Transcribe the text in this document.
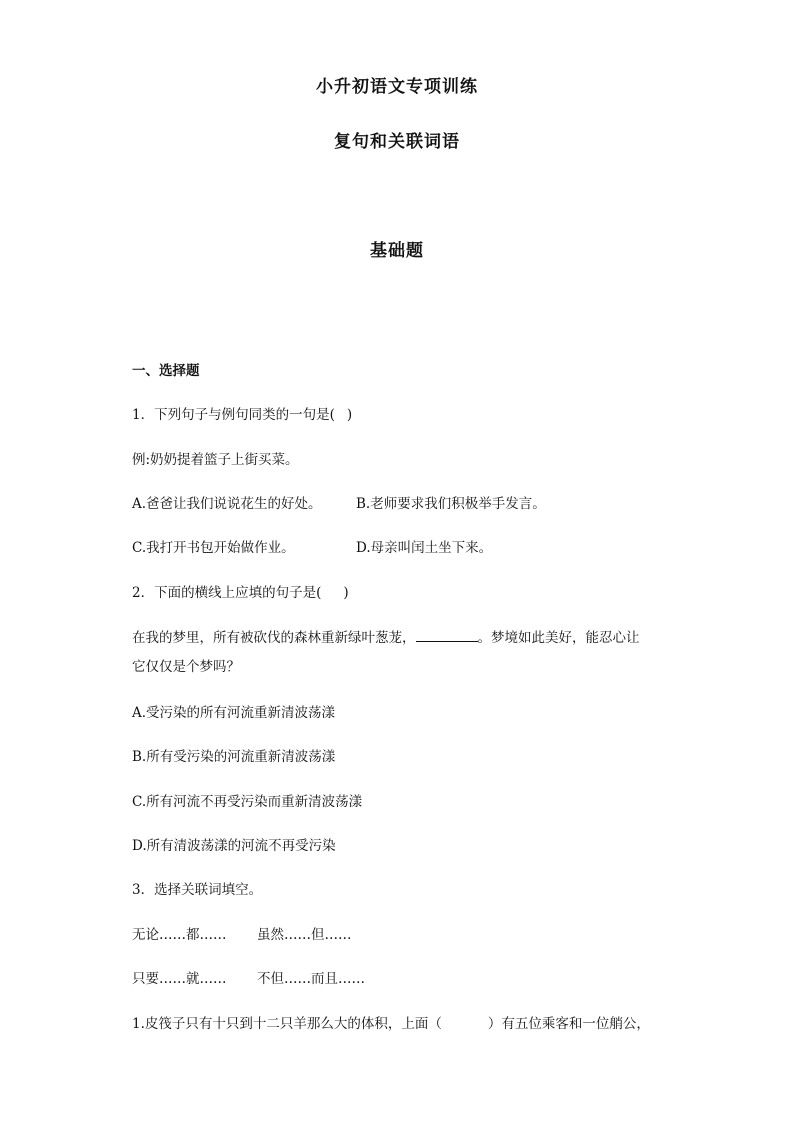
小升初语文专项训练
复句和关联词语
基础题
一、选择题
1．下列句子与例句同类的一句是( )
例:奶奶提着篮子上街买菜。
A.爸爸让我们说说花生的好处。	B.老师要求我们积极举手发言。
C.我打开书包开始做作业。	D.母亲叫闰土坐下来。
2．下面的横线上应填的句子是( )
在我的梦里，所有被砍伐的森林重新绿叶葱茏，	。梦境如此美好，能忍心让
它仅仅是个梦吗？
A.受污染的所有河流重新清波荡漾
B.所有受污染的河流重新清波荡漾
C.所有河流不再受污染而重新清波荡漾
D.所有清波荡漾的河流不再受污染
3．选择关联词填空。
无论……都…… 虽然……但……
只要……就…… 不但……而且……
1.皮筏子只有十只到十二只羊那么大的体积，上面（	）有五位乘客和一位艄公，
